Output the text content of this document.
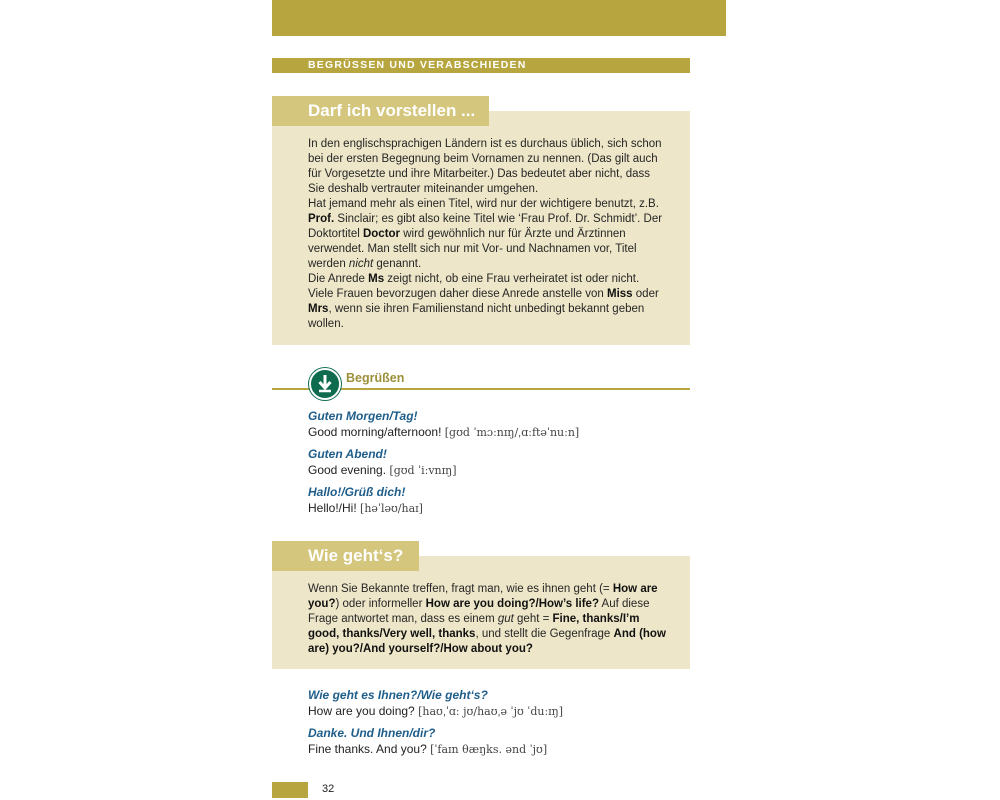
BEGRÜSSEN UND VERABSCHIEDEN
Darf ich vorstellen ...
In den englischsprachigen Ländern ist es durchaus üblich, sich schon
bei der ersten Begegnung beim Vornamen zu nennen. (Das gilt auch
für Vorgesetzte und ihre Mitarbeiter.) Das bedeutet aber nicht, dass
Sie deshalb vertrauter miteinander umgehen.
Hat jemand mehr als einen Titel, wird nur der wichtigere benutzt, z.B.
Prof. Sinclair; es gibt also keine Titel wie ‘Frau Prof. Dr. Schmidt’. Der
Doktortitel Doctor wird gewöhnlich nur für Ärzte und Ärztinnen
verwendet. Man stellt sich nur mit Vor- und Nachnamen vor, Titel
werden nicht genannt.
Die Anrede Ms zeigt nicht, ob eine Frau verheiratet ist oder nicht.
Viele Frauen bevorzugen daher diese Anrede anstelle von Miss oder
Mrs, wenn sie ihren Familienstand nicht unbedingt bekannt geben
wollen.
Begrüßen
Guten Morgen/Tag!
Good morning/afternoon! [gʊd ˈmɔːnɪŋ/ˌɑːftəˈnuːn]
Guten Abend!
Good evening. [gʊd ˈiːvnɪŋ]
Hallo!/Grüß dich!
Hello!/Hi! [həˈləʊ/haɪ]
Wie geht‘s?
Wenn Sie Bekannte treffen, fragt man, wie es ihnen geht (= How are
you?) oder informeller How are you doing?/How’s life? Auf diese
Frage antwortet man, dass es einem gut geht = Fine, thanks/I’m
good, thanks/Very well, thanks, und stellt die Gegenfrage And (how
are) you?/And yourself?/How about you?
Wie geht es Ihnen?/Wie geht‘s?
How are you doing? [haʊˌˈɑː jʊ/haʊˌə ˈjʊ ˈduːɪŋ]
Danke. Und Ihnen/dir?
Fine thanks. And you? [ˈfaɪn θæŋks. ənd ˈjʊ]
32
